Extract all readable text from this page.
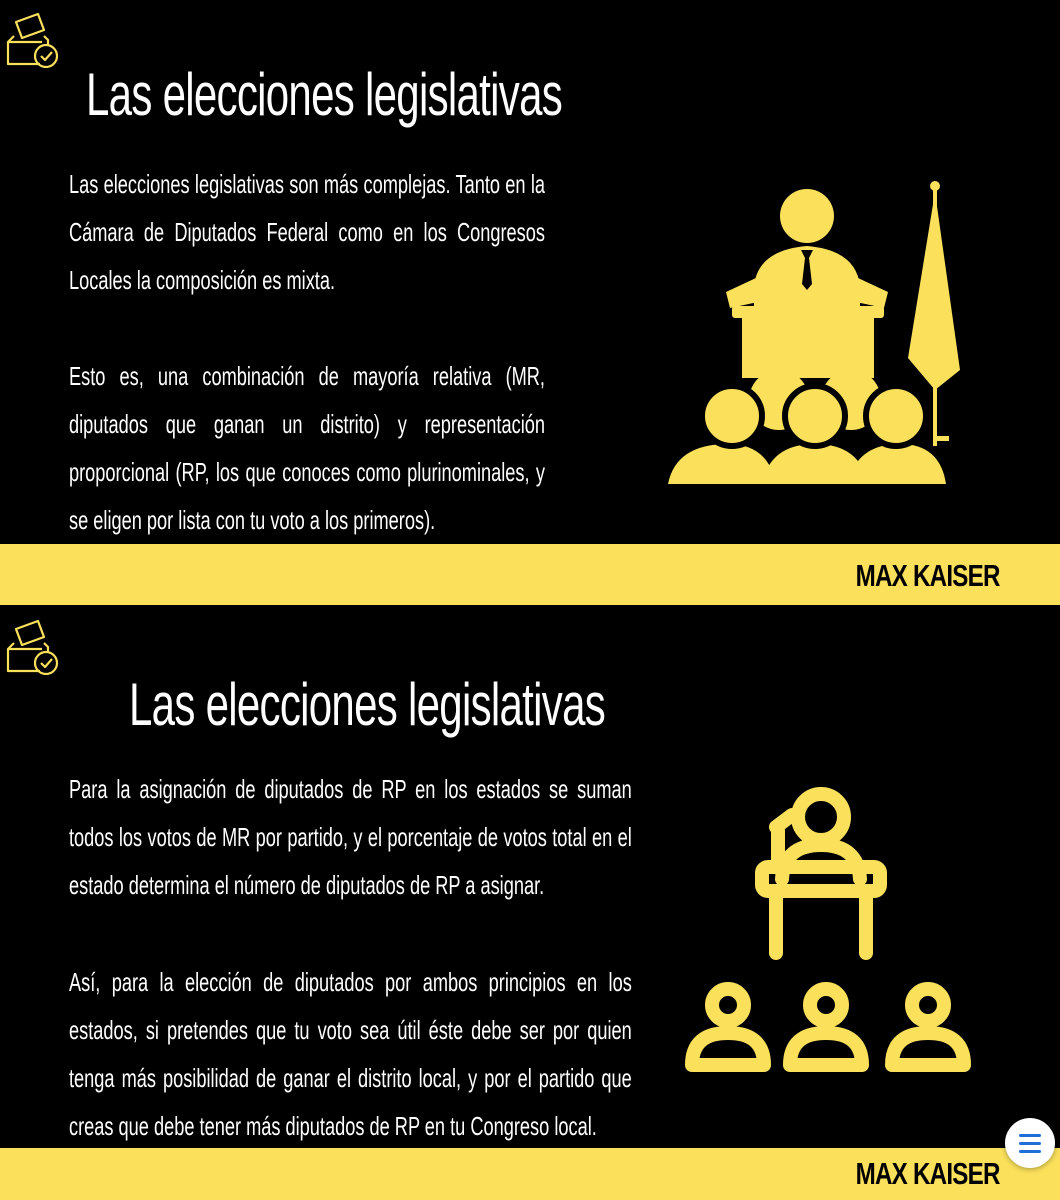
Las elecciones legislativas

Las elecciones legislativas son más complejas. Tanto en la Cámara de Diputados Federal como en los Congresos Locales la composición es mixta.

Esto es, una combinación de mayoría relativa (MR, diputados que ganan un distrito) y representación proporcional (RP, los que conoces como plurinominales, y se eligen por lista con tu voto a los primeros).

MAX KAISER
Las elecciones legislativas

Para la asignación de diputados de RP en los estados se suman todos los votos de MR por partido, y el porcentaje de votos total en el estado determina el número de diputados de RP a asignar.

Así, para la elección de diputados por ambos principios en los estados, si pretendes que tu voto sea útil éste debe ser por quien tenga más posibilidad de ganar el distrito local, y por el partido que creas que debe tener más diputados de RP en tu Congreso local.

MAX KAISER
